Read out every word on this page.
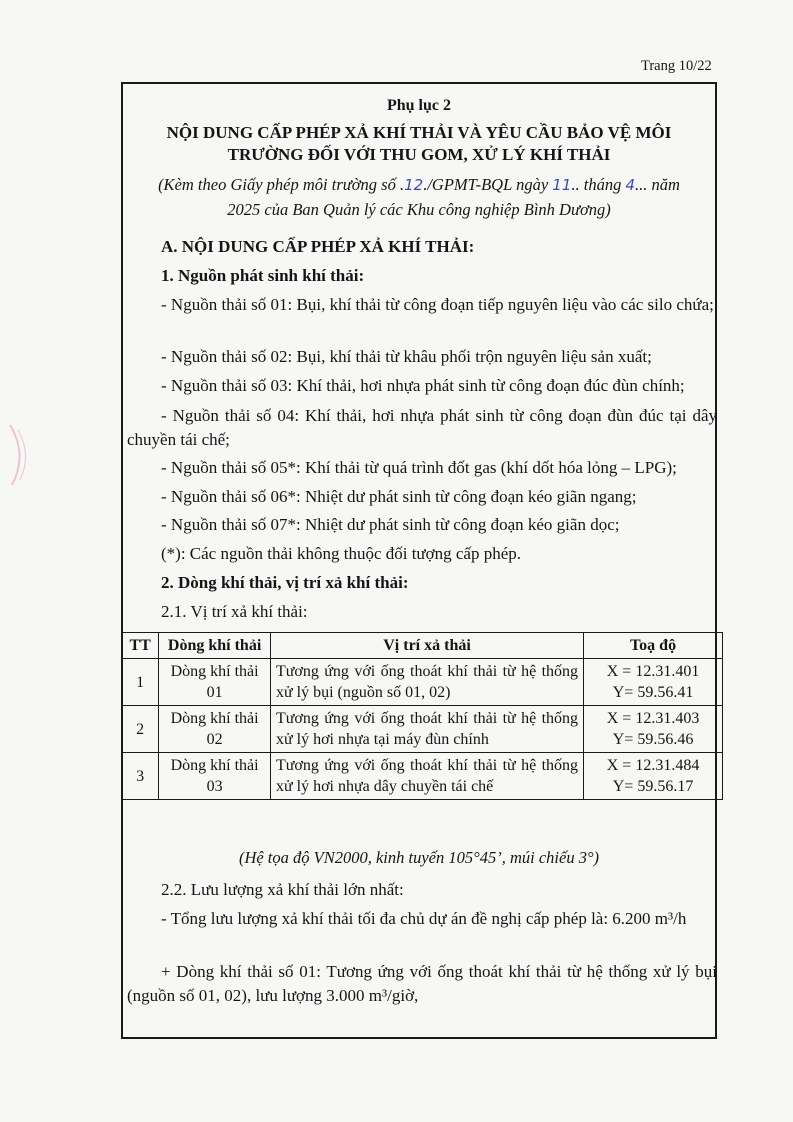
Trang 10/22
Phụ lục 2
NỘI DUNG CẤP PHÉP XẢ KHÍ THẢI VÀ YÊU CẦU BẢO VỆ MÔI
TRƯỜNG ĐỐI VỚI THU GOM, XỬ LÝ KHÍ THẢI
(Kèm theo Giấy phép môi trường số .12./GPMT-BQL ngày 11.. tháng 4... năm
2025 của Ban Quản lý các Khu công nghiệp Bình Dương)
A. NỘI DUNG CẤP PHÉP XẢ KHÍ THẢI:
1. Nguồn phát sinh khí thải:
- Nguồn thải số 01: Bụi, khí thải từ công đoạn tiếp nguyên liệu vào các silo chứa;
- Nguồn thải số 02: Bụi, khí thải từ khâu phối trộn nguyên liệu sản xuất;
- Nguồn thải số 03: Khí thải, hơi nhựa phát sinh từ công đoạn đúc đùn chính;
- Nguồn thải số 04: Khí thải, hơi nhựa phát sinh từ công đoạn đùn đúc tại dây chuyền tái chế;
- Nguồn thải số 05*: Khí thải từ quá trình đốt gas (khí dốt hóa lỏng – LPG);
- Nguồn thải số 06*: Nhiệt dư phát sinh từ công đoạn kéo giãn ngang;
- Nguồn thải số 07*: Nhiệt dư phát sinh từ công đoạn kéo giãn dọc;
(*): Các nguồn thải không thuộc đối tượng cấp phép.
2. Dòng khí thải, vị trí xả khí thải:
2.1. Vị trí xả khí thải:
TT	Dòng khí thải	Vị trí xả thải	Toạ độ
1	Dòng khí thải 01	Tương ứng với ống thoát khí thải từ hệ thống xử lý bụi (nguồn số 01, 02)	X = 12.31.401
Y= 59.56.41

2	Dòng khí thải 02	Tương ứng với ống thoát khí thải từ hệ thống xử lý hơi nhựa tại máy đùn chính	X = 12.31.403
Y= 59.56.46

3	Dòng khí thải 03	Tương ứng với ống thoát khí thải từ hệ thống xử lý hơi nhựa dây chuyền tái chế	X = 12.31.484
Y= 59.56.17
(Hệ tọa độ VN2000, kinh tuyến 105°45’, múi chiếu 3°)
2.2. Lưu lượng xả khí thải lớn nhất:
- Tổng lưu lượng xả khí thải tối đa chủ dự án đề nghị cấp phép là: 6.200 m³/h
+ Dòng khí thải số 01: Tương ứng với ống thoát khí thải từ hệ thống xử lý bụi (nguồn số 01, 02), lưu lượng 3.000 m³/giờ,
